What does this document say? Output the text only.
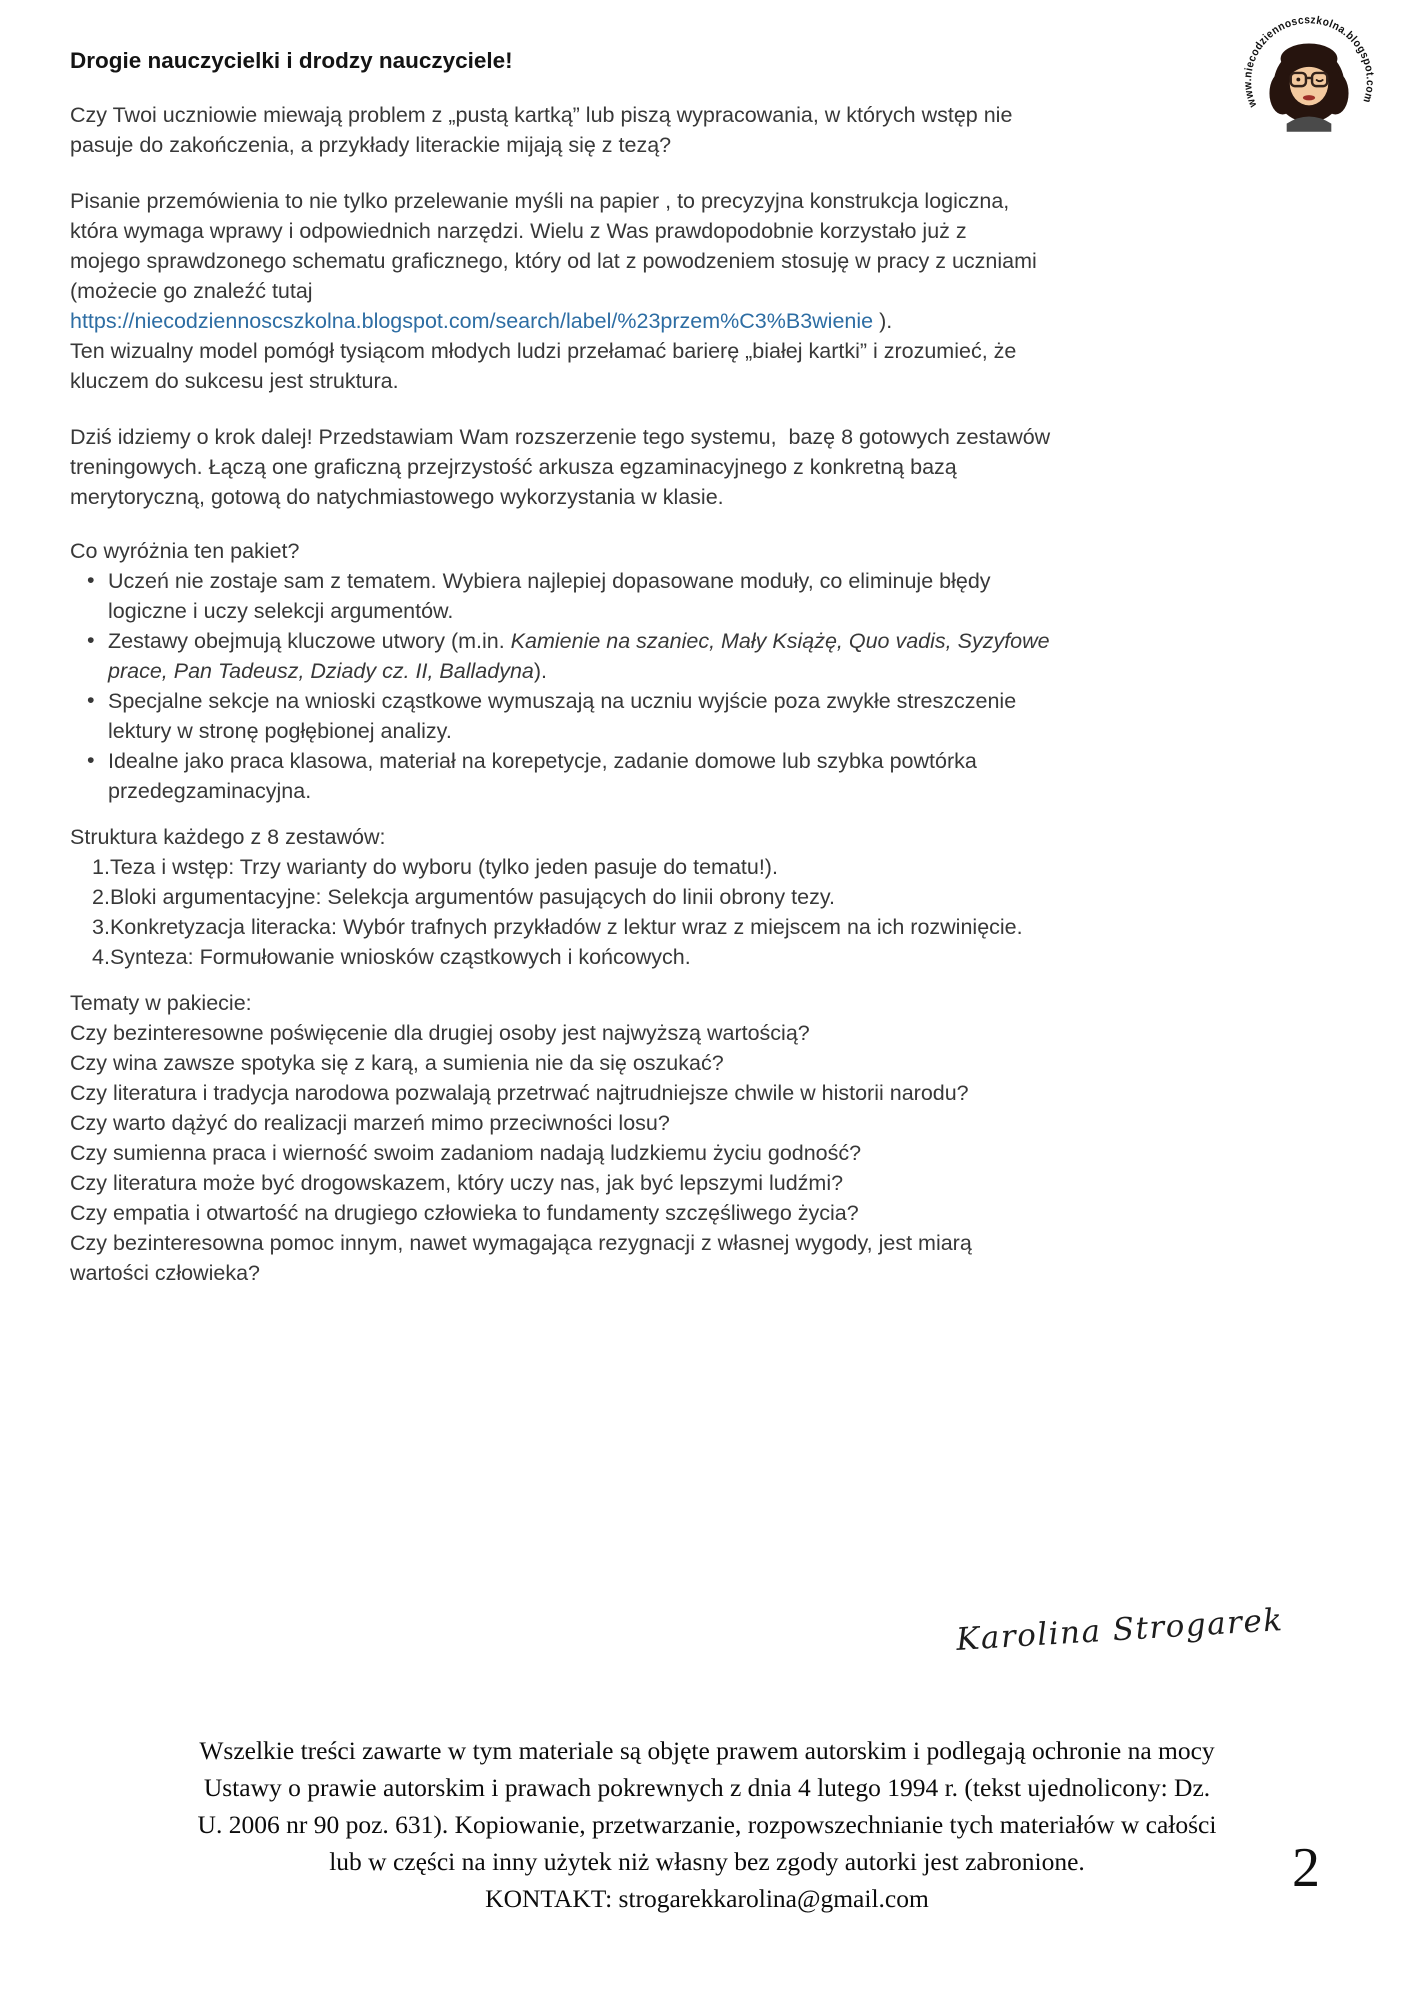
www.niecodziennoscszkolna.blogspot.com
Drogie nauczycielki i drodzy nauczyciele!
Czy Twoi uczniowie miewają problem z „pustą kartką” lub piszą wypracowania, w których wstęp nie
pasuje do zakończenia, a przykłady literackie mijają się z tezą?
Pisanie przemówienia to nie tylko przelewanie myśli na papier , to precyzyjna konstrukcja logiczna,
która wymaga wprawy i odpowiednich narzędzi. Wielu z Was prawdopodobnie korzystało już z
mojego sprawdzonego schematu graficznego, który od lat z powodzeniem stosuję w pracy z uczniami
(możecie go znaleźć tutaj
https://niecodziennoscszkolna.blogspot.com/search/label/%23przem%C3%B3wienie ).
Ten wizualny model pomógł tysiącom młodych ludzi przełamać barierę „białej kartki” i zrozumieć, że
kluczem do sukcesu jest struktura.
Dziś idziemy o krok dalej! Przedstawiam Wam rozszerzenie tego systemu,  bazę 8 gotowych zestawów
treningowych. Łączą one graficzną przejrzystość arkusza egzaminacyjnego z konkretną bazą
merytoryczną, gotową do natychmiastowego wykorzystania w klasie.
Co wyróżnia ten pakiet?
• Uczeń nie zostaje sam z tematem. Wybiera najlepiej dopasowane moduły, co eliminuje błędy
logiczne i uczy selekcji argumentów.
• Zestawy obejmują kluczowe utwory (m.in. Kamienie na szaniec, Mały Książę, Quo vadis, Syzyfowe
prace, Pan Tadeusz, Dziady cz. II, Balladyna).
• Specjalne sekcje na wnioski cząstkowe wymuszają na uczniu wyjście poza zwykłe streszczenie
lektury w stronę pogłębionej analizy.
• Idealne jako praca klasowa, materiał na korepetycje, zadanie domowe lub szybka powtórka
przedegzaminacyjna.
Struktura każdego z 8 zestawów:
1.Teza i wstęp: Trzy warianty do wyboru (tylko jeden pasuje do tematu!).
2.Bloki argumentacyjne: Selekcja argumentów pasujących do linii obrony tezy.
3.Konkretyzacja literacka: Wybór trafnych przykładów z lektur wraz z miejscem na ich rozwinięcie.
4.Synteza: Formułowanie wniosków cząstkowych i końcowych.
Tematy w pakiecie:
Czy bezinteresowne poświęcenie dla drugiej osoby jest najwyższą wartością?
Czy wina zawsze spotyka się z karą, a sumienia nie da się oszukać?
Czy literatura i tradycja narodowa pozwalają przetrwać najtrudniejsze chwile w historii narodu?
Czy warto dążyć do realizacji marzeń mimo przeciwności losu?
Czy sumienna praca i wierność swoim zadaniom nadają ludzkiemu życiu godność?
Czy literatura może być drogowskazem, który uczy nas, jak być lepszymi ludźmi?
Czy empatia i otwartość na drugiego człowieka to fundamenty szczęśliwego życia?
Czy bezinteresowna pomoc innym, nawet wymagająca rezygnacji z własnej wygody, jest miarą
wartości człowieka?
Karolina Strogarek
Wszelkie treści zawarte w tym materiale są objęte prawem autorskim i podlegają ochronie na mocy
Ustawy o prawie autorskim i prawach pokrewnych z dnia 4 lutego 1994 r. (tekst ujednolicony: Dz.
U. 2006 nr 90 poz. 631). Kopiowanie, przetwarzanie, rozpowszechnianie tych materiałów w całości
lub w części na inny użytek niż własny bez zgody autorki jest zabronione.
KONTAKT: strogarekkarolina@gmail.com	2
